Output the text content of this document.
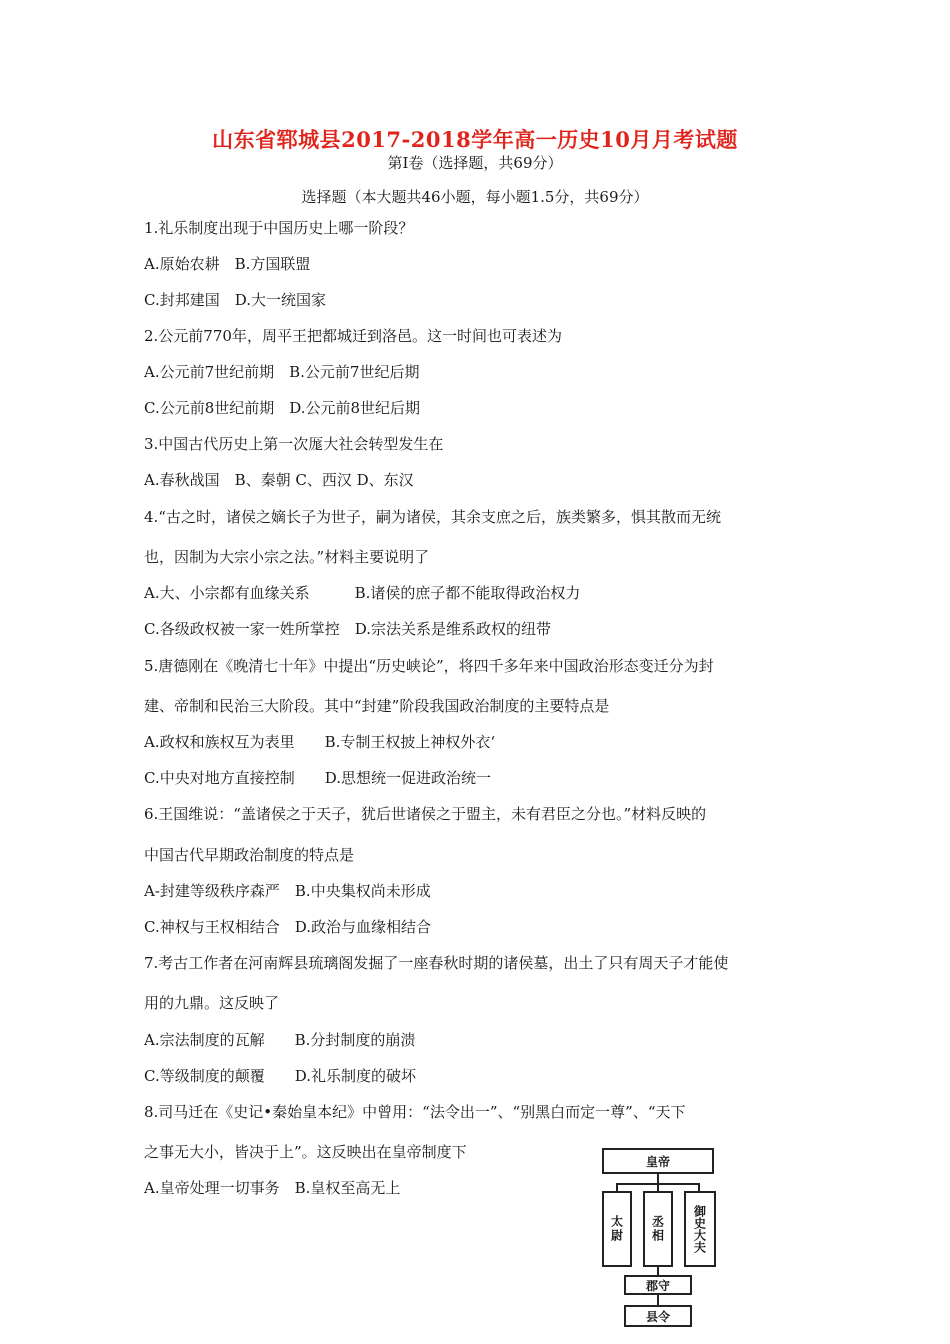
山东省郓城县2017-2018学年高一历史10月月考试题
第Ⅰ卷（选择题，共69分）
选择题（本大题共46小题，每小题1.5分，共69分）
1.礼乐制度出现于中国历史上哪一阶段？
A.原始农耕　B.方国联盟
C.封邦建国　D.大一统国家
2.公元前770年，周平王把都城迁到洛邑。这一时间也可表述为
A.公元前7世纪前期　B.公元前7世纪后期
C.公元前8世纪前期　D.公元前8世纪后期
3.中国古代历史上第一次厖大社会转型发生在
A.春秋战国　B、秦朝 C、西汉 D、东汉
4.“古之时，诸侯之嫡长子为世子，嗣为诸侯，其余支庶之后，族类繁多，惧其散而无统
也，因制为大宗小宗之法。”材料主要说明了
A.大、小宗都有血缘关系　　　B.诸侯的庶子都不能取得政治权力
C.各级政权被一家一姓所掌控　D.宗法关系是维系政权的纽带
5.唐德刚在《晚清七十年》中提出“历史峡论”，将四千多年来中国政治形态变迁分为封
建、帝制和民治三大阶段。其中“封建”阶段我国政治制度的主要特点是
A.政权和族权互为表里　　B.专制王权披上神权外衣‘
C.中央对地方直接控制　　D.思想统一促进政治统一
6.王国维说：“盖诸侯之于天子，犹后世诸侯之于盟主，未有君臣之分也。”材料反映的
中国古代早期政治制度的特点是
A-封建等级秩序森严　B.中央集权尚未形成
C.神权与王权相结合　D.政治与血缘相结合
7.考古工作者在河南辉县琉璃阁发掘了一座春秋时期的诸侯墓，出土了只有周天子才能使
用的九鼎。这反映了
A.宗法制度的瓦解　　B.分封制度的崩溃
C.等级制度的颠覆　　D.礼乐制度的破坏
8.司马迁在《史记•秦始皇本纪》中曾用：“法令出一”、“别黑白而定一尊”、“天下
之事无大小，皆决于上”。这反映出在皇帝制度下
A.皇帝处理一切事务　B.皇权至高无上
皇帝
太尉	丞相	御史大夫
郡守
县令
